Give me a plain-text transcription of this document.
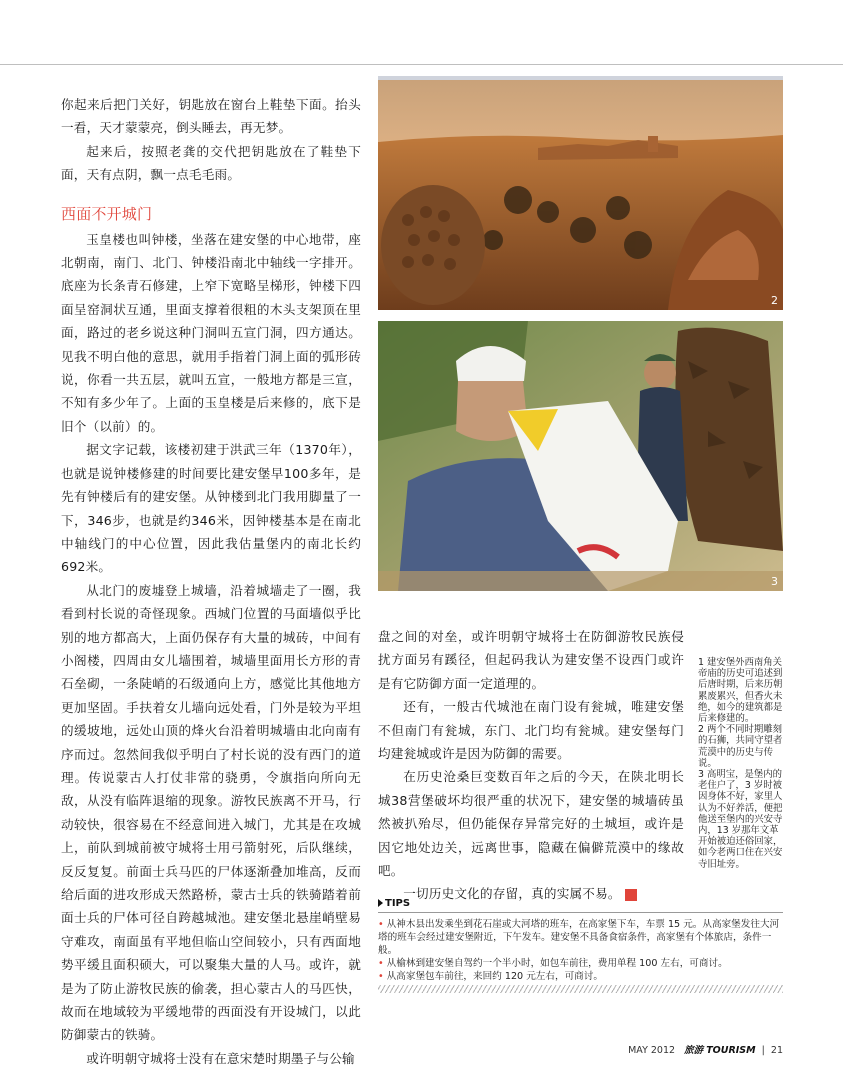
你起来后把门关好，钥匙放在窗台上鞋垫下面。抬头一看，天才蒙蒙亮，倒头睡去，再无梦。

起来后，按照老龚的交代把钥匙放在了鞋垫下面，天有点阴，飘一点毛毛雨。

西面不开城门

玉皇楼也叫钟楼，坐落在建安堡的中心地带，座北朝南，南门、北门、钟楼沿南北中轴线一字排开。底座为长条青石修建，上窄下宽略呈梯形，钟楼下四面呈窑洞状互通，里面支撑着很粗的木头支架顶在里面，路过的老乡说这种门洞叫五宣门洞，四方通达。见我不明白他的意思，就用手指着门洞上面的弧形砖说，你看一共五层，就叫五宣，一般地方都是三宣，不知有多少年了。上面的玉皇楼是后来修的，底下是旧个（以前）的。

据文字记载，该楼初建于洪武三年（1370年），也就是说钟楼修建的时间要比建安堡早100多年，是先有钟楼后有的建安堡。从钟楼到北门我用脚量了一下，346步，也就是约346米，因钟楼基本是在南北中轴线门的中心位置，因此我估量堡内的南北长约692米。

从北门的废墟登上城墙，沿着城墙走了一圈，我看到村长说的奇怪现象。西城门位置的马面墙似乎比别的地方都高大，上面仍保存有大量的城砖，中间有小阁楼，四周由女儿墙围着，城墙里面用长方形的青石垒砌，一条陡峭的石级通向上方，感觉比其他地方更加坚固。手扶着女儿墙向远处看，门外是较为平坦的缓坡地，远处山顶的烽火台沿着明城墙由北向南有序而过。忽然间我似乎明白了村长说的没有西门的道理。传说蒙古人打仗非常的骁勇，令旗指向所向无敌，从没有临阵退缩的现象。游牧民族离不开马，行动较快，很容易在不经意间进入城门，尤其是在攻城上，前队到城前被守城将士用弓箭射死，后队继续，反反复复。前面士兵马匹的尸体逐渐叠加堆高，反而给后面的进攻形成天然路桥，蒙古士兵的铁骑踏着前面士兵的尸体可径自跨越城池。建安堡北悬崖峭壁易守难攻，南面虽有平地但临山空间较小，只有西面地势平缓且面积硕大，可以聚集大量的人马。或许，就是为了防止游牧民族的偷袭，担心蒙古人的马匹快，故而在地域较为平缓地带的西面没有开设城门，以此防御蒙古的铁骑。

或许明朝守城将士没有在意宋楚时期墨子与公输

2
3

盘之间的对垒，或许明朝守城将士在防御游牧民族侵扰方面另有蹊径，但起码我认为建安堡不设西门或许是有它防御方面一定道理的。

还有，一般古代城池在南门设有瓮城，唯建安堡不但南门有瓮城，东门、北门均有瓮城。建安堡每门均建瓮城或许是因为防御的需要。

在历史沧桑巨变数百年之后的今天，在陕北明长城38营堡破坏均很严重的状况下，建安堡的城墙砖虽然被扒殆尽，但仍能保存异常完好的土城垣，或许是因它地处边关，远离世事，隐藏在偏僻荒漠中的缘故吧。

一切历史文化的存留，真的实属不易。	旅

1 建安堡外西南角关帝庙的历史可追述到后唐时期，后来历朝累废累兴，但香火未绝，如今的建筑都是后来修建的。

2 两个不同时期雕刻的石狮，共同守望者荒漠中的历史与传说。

3 高明宝，是堡内的老住户了，3 岁时被因身体不好，家里人认为不好养活，便把他送至堡内的兴安寺内，13 岁那年文革开始被迫还俗回家，如今老两口住在兴安寺旧址旁。

TIPS
• 从神木县出发乘坐到花石崖或大河塔的班车，在高家堡下车，车票 15 元。从高家堡发往大河塔的班车会经过建安堡附近，下午发车。建安堡不具备食宿条件，高家堡有个体旅店，条件一般。
• 从榆林到建安堡自驾约一个半小时，如包车前往，费用单程 100 左右，可商讨。
• 从高家堡包车前往，来回约 120 元左右，可商讨。
MAY 2012 旅游 TOURISM | 21
